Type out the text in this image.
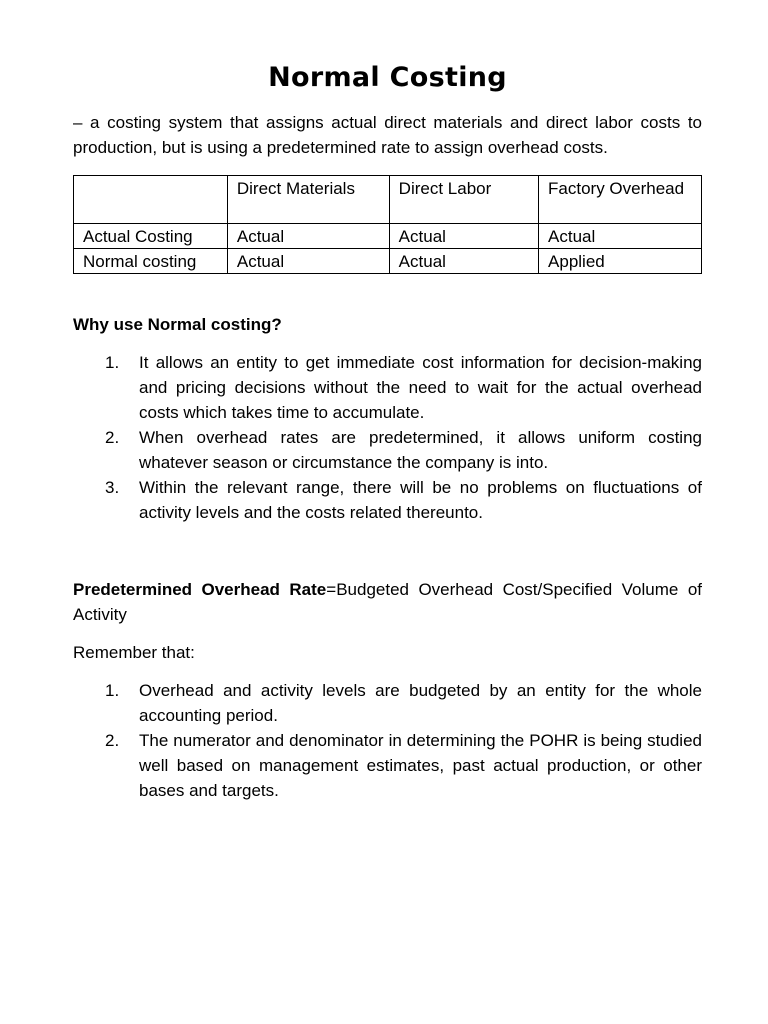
Normal Costing

– a costing system that assigns actual direct materials and direct labor costs to production, but is using a predetermined rate to assign overhead costs.

	Direct Materials	Direct Labor	Factory Overhead
Actual Costing	Actual	Actual	Actual
Normal costing	Actual	Actual	Applied

Why use Normal costing?

1. It allows an entity to get immediate cost information for decision-making and pricing decisions without the need to wait for the actual overhead costs which takes time to accumulate.
2. When overhead rates are predetermined, it allows uniform costing whatever season or circumstance the company is into.
3. Within the relevant range, there will be no problems on fluctuations of activity levels and the costs related thereunto.

Predetermined Overhead Rate=Budgeted Overhead Cost/Specified Volume of Activity

Remember that:

1. Overhead and activity levels are budgeted by an entity for the whole accounting period.
2. The numerator and denominator in determining the POHR is being studied well based on management estimates, past actual production, or other bases and targets.
